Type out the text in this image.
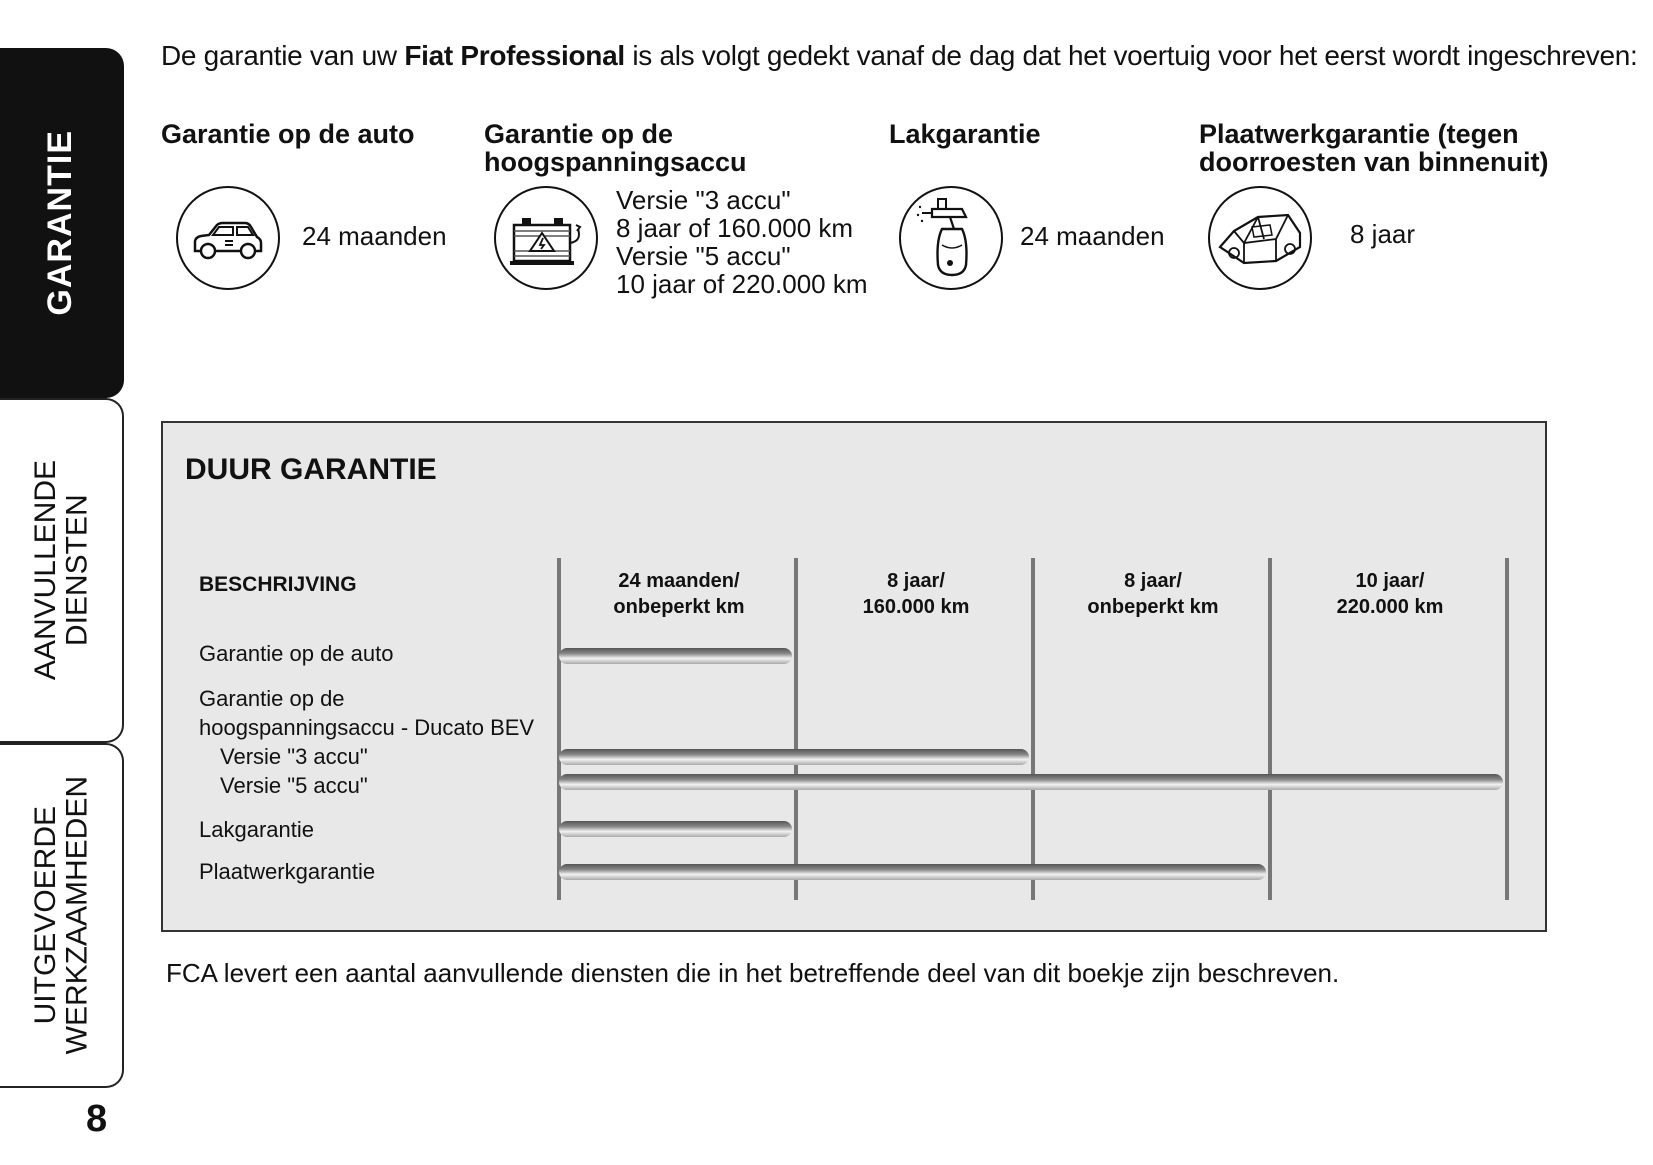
GARANTIE
AANVULLENDE
DIENSTEN
UITGEVOERDE
WERKZAAMHEDEN
8
De garantie van uw Fiat Professional is als volgt gedekt vanaf de dag dat het voertuig voor het eerst wordt ingeschreven:
Garantie op de auto
24 maanden
Garantie op de
hoogspanningsaccu
Versie "3 accu"
8 jaar of 160.000 km
Versie "5 accu"
10 jaar of 220.000 km
Lakgarantie
24 maanden
Plaatwerkgarantie (tegen
doorroesten van binnenuit)
8 jaar
DUUR GARANTIE
BESCHRIJVING	24 maanden/
onbeperkt km
8 jaar/
160.000 km
8 jaar/
onbeperkt km
10 jaar/
220.000 km
Garantie op de auto
Garantie op de
hoogspanningsaccu - Ducato BEV
Versie "3 accu"
Versie "5 accu"
Lakgarantie
Plaatwerkgarantie
FCA levert een aantal aanvullende diensten die in het betreffende deel van dit boekje zijn beschreven.
